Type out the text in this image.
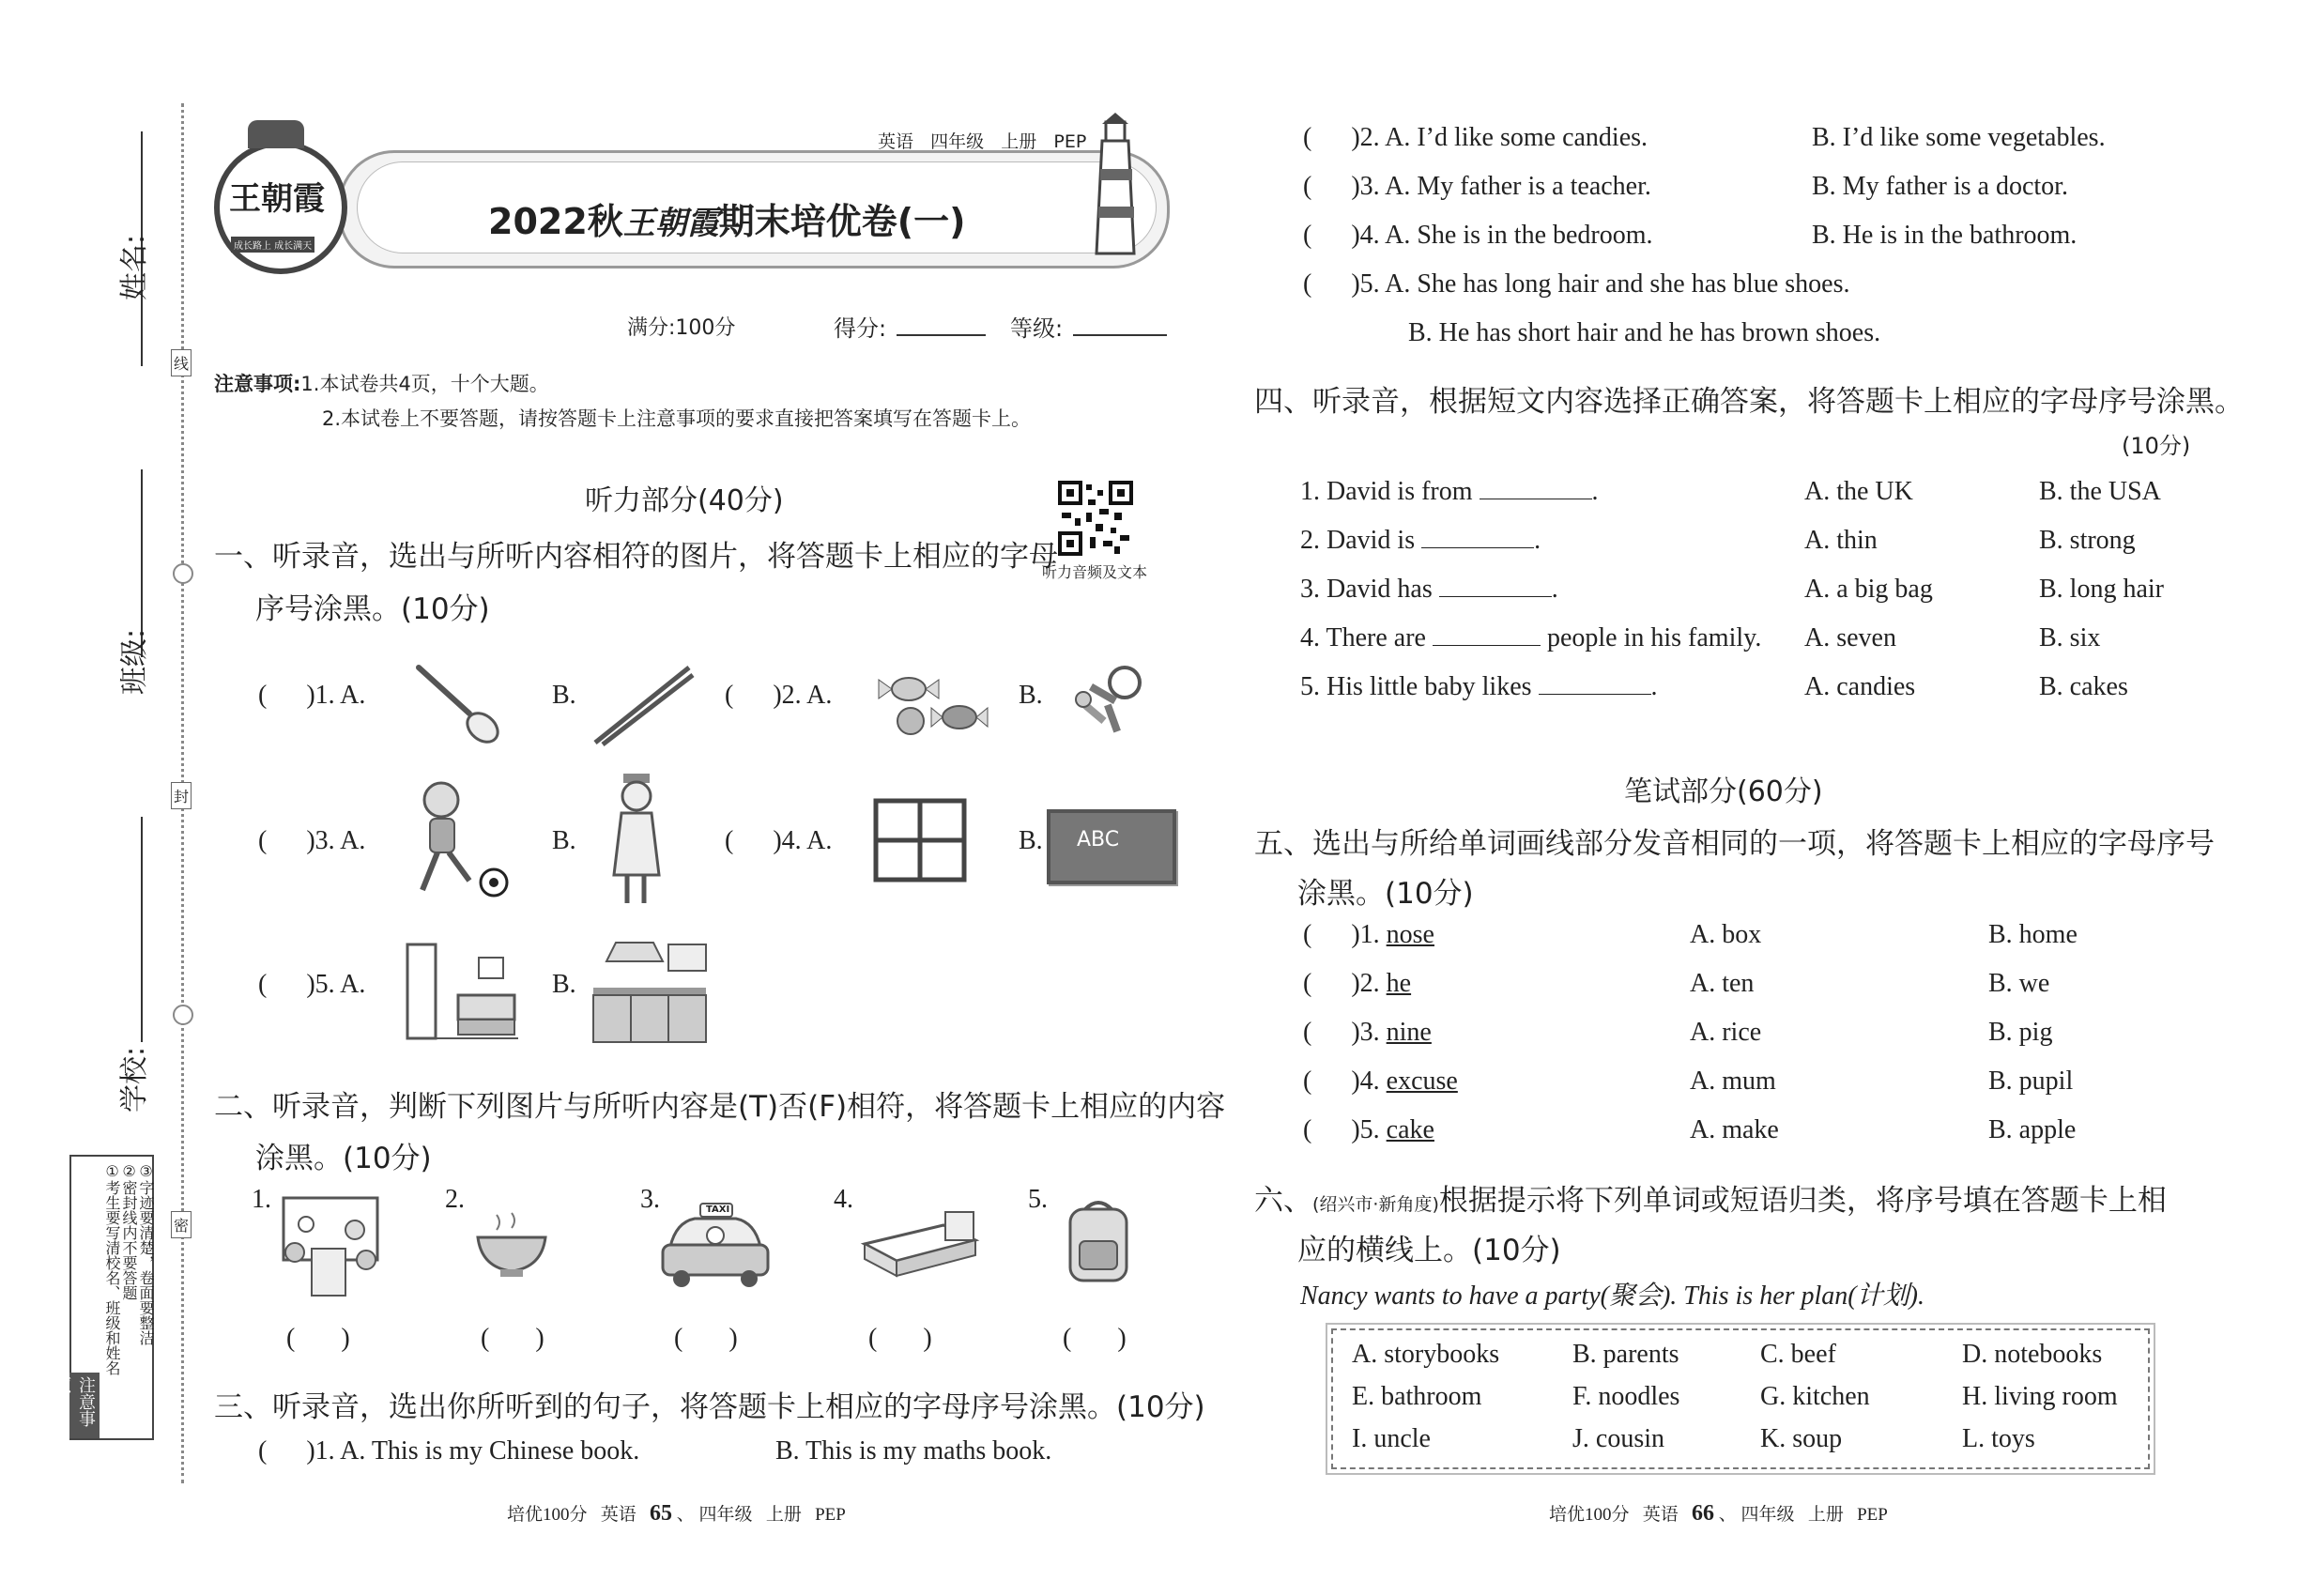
姓名:
班级:
学校:
线
封
密
注意事项
①考生要写清校名、班级和姓名 ②密封线内不要答题 ③字迹要清楚，卷面要整洁
王朝霞
成长路上 成长满天
英语 四年级 上册 PEP
2022秋王朝霞期末培优卷(一)
满分:100分	得分:	等级:
注意事项:1.本试卷共4页，十个大题。
2.本试卷上不要答题，请按答题卡上注意事项的要求直接把答案填写在答题卡上。
听力部分(40分)
听力音频及文本
一、听录音，选出与所听内容相符的图片，将答题卡上相应的字母
序号涂黑。(10分)
(      )1. A.	B.	(      )2. A.	B.
(      )3. A.	B.	(      )4. A.	B. ABC
(      )5. A.	B.
二、听录音，判断下列图片与所听内容是(T)否(F)相符，将答题卡上相应的内容
涂黑。(10分)
1.
(       )
2.
(       )
3.	TAXI
(       )
4.
(       )
5.
(       )
三、听录音，选出你所听到的句子，将答题卡上相应的字母序号涂黑。(10分)
(      )1. A. This is my Chinese book.	B. This is my maths book.
培优100分 英语 65 、 四年级 上册 PEP
(      )2. A. I’d like some candies.	B. I’d like some vegetables.
(      )3. A. My father is a teacher.	B. My father is a doctor.
(      )4. A. She is in the bedroom.	B. He is in the bathroom.
(      )5. A. She has long hair and she has blue shoes.
B. He has short hair and he has brown shoes.
四、听录音，根据短文内容选择正确答案，将答题卡上相应的字母序号涂黑。
(10分)
1. David is from	.	A. the UK	B. the USA
2. David is	.	A. thin	B. strong
3. David has	.	A. a big bag	B. long hair
4. There are	people in his family. A. seven	B. six
5. His little baby likes	.	A. candies	B. cakes
笔试部分(60分)
五、选出与所给单词画线部分发音相同的一项，将答题卡上相应的字母序号
涂黑。(10分)
(      )1. nose	A. box	B. home
(      )2. he	A. ten	B. we
(      )3. nine	A. rice	B. pig
(      )4. excuse	A. mum	B. pupil
(      )5. cake	A. make	B. apple
六、(绍兴市·新角度)根据提示将下列单词或短语归类，将序号填在答题卡上相
应的横线上。(10分)
Nancy wants to have a party(聚会). This is her plan(计划).
A. storybooks	B. parents	C. beef	D. notebooks
E. bathroom	F. noodles	G. kitchen	H. living room
I. uncle	J. cousin	K. soup	L. toys
培优100分 英语 66 、 四年级 上册 PEP
